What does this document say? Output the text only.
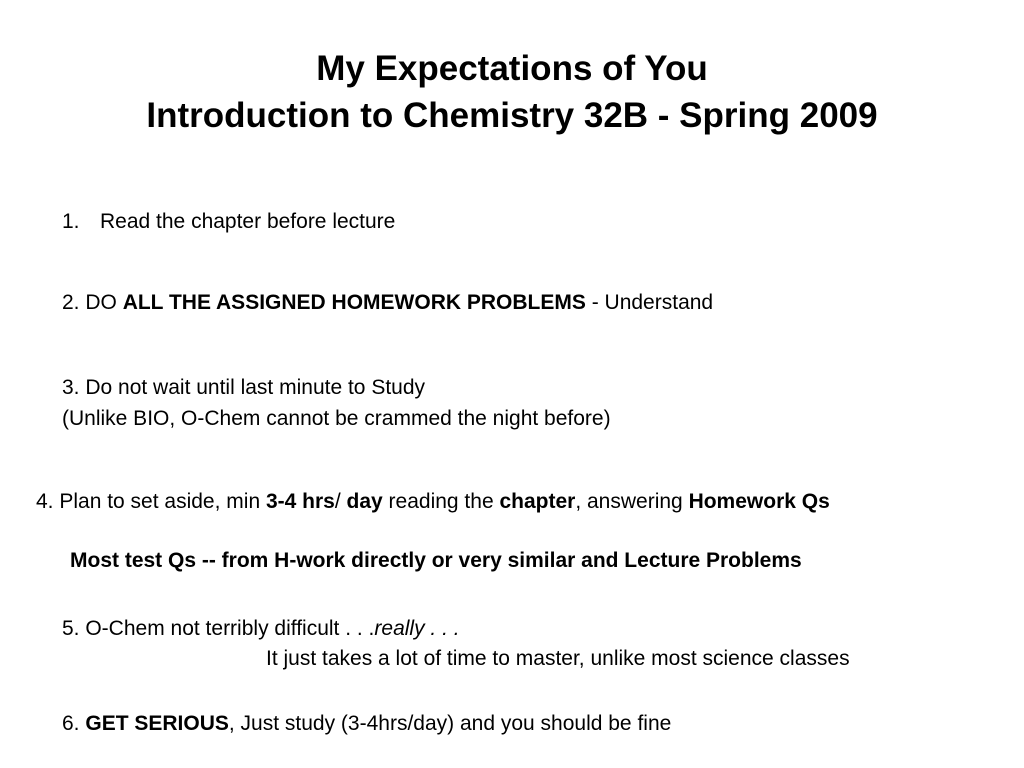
My Expectations of You
Introduction to Chemistry 32B - Spring 2009

1. Read the chapter before lecture

2. DO ALL THE ASSIGNED HOMEWORK PROBLEMS - Understand

3. Do not wait until last minute to Study

(Unlike BIO, O-Chem cannot be crammed the night before)

4. Plan to set aside, min 3-4 hrs/ day reading the chapter, answering Homework Qs

Most test Qs -- from H-work directly or very similar and Lecture Problems

5. O-Chem not terribly difficult . . .really . . .

It just takes a lot of time to master, unlike most science classes

6. GET SERIOUS, Just study (3-4hrs/day) and you should be fine
